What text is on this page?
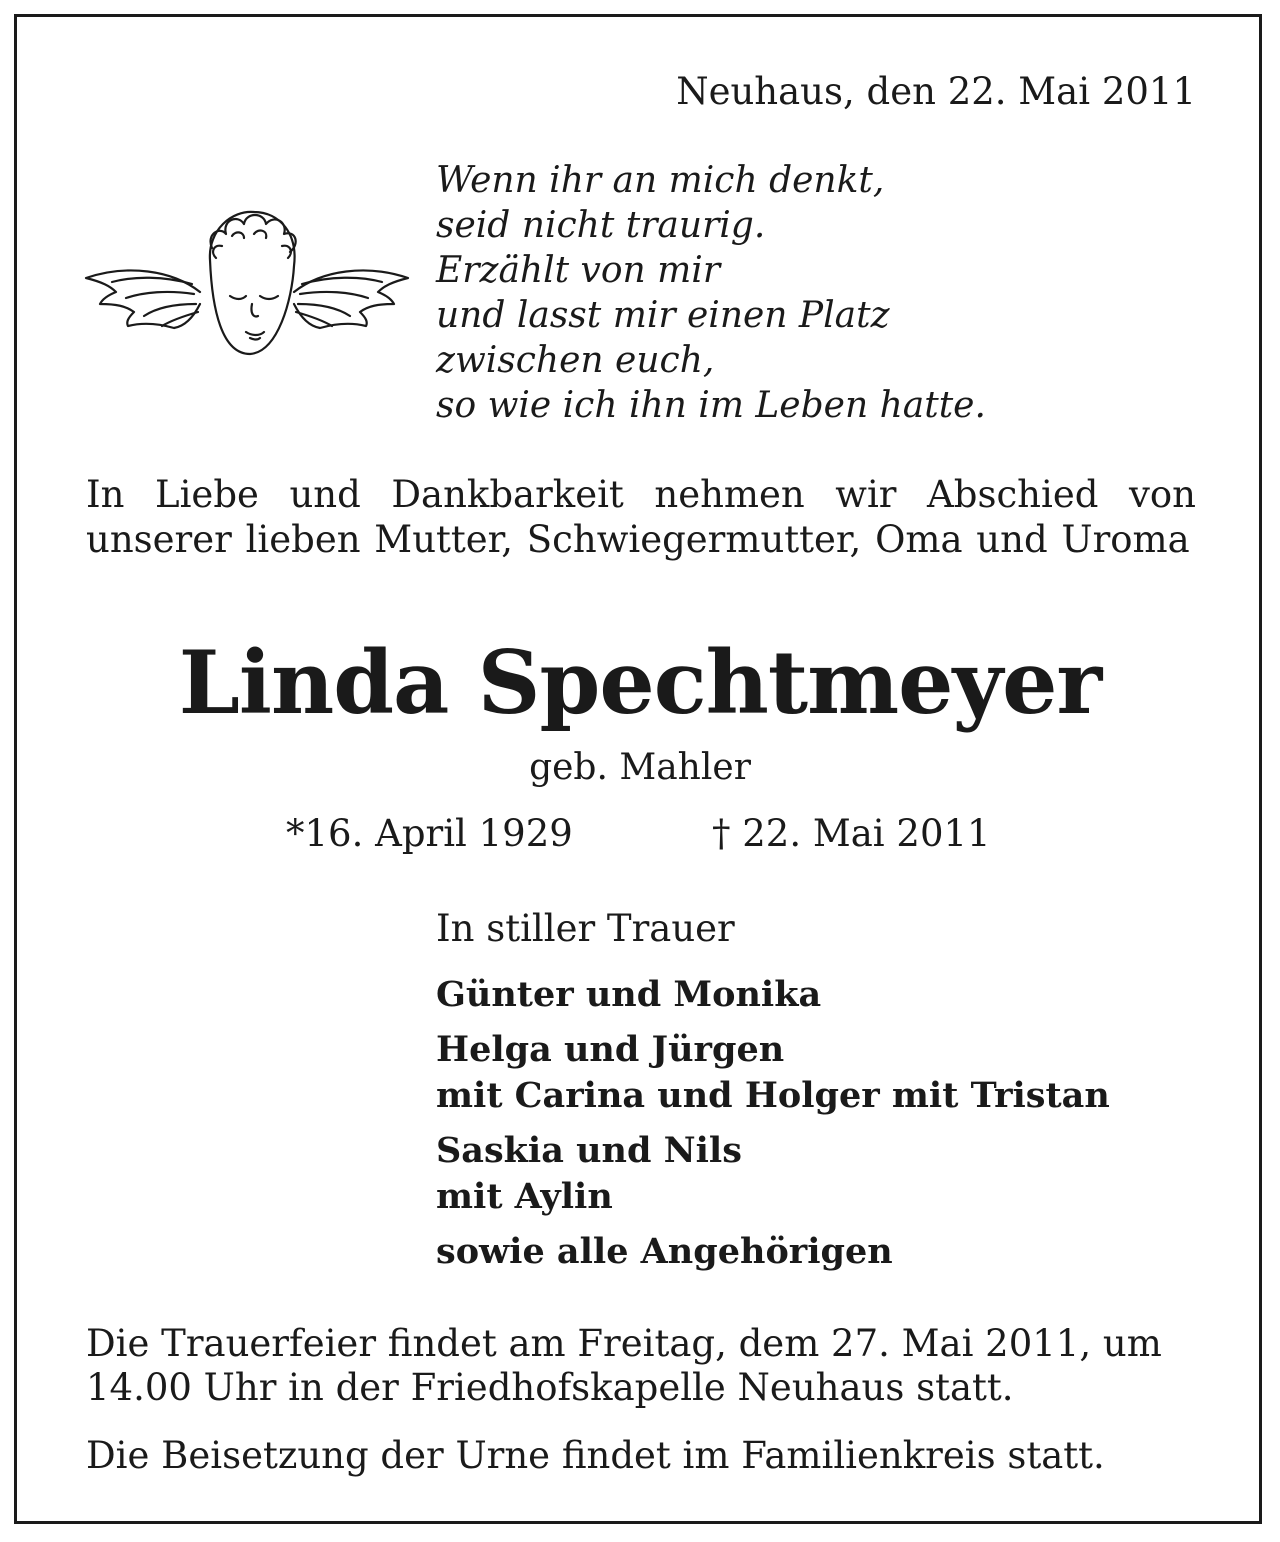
Neuhaus, den 22. Mai 2011
Wenn ihr an mich denkt,
seid nicht traurig.
Erzählt von mir
und lasst mir einen Platz
zwischen euch,
so wie ich ihn im Leben hatte.
In Liebe und Dankbarkeit nehmen wir Abschied von unserer lieben Mutter, Schwiegermutter, Oma und Uroma
Linda Spechtmeyer
geb. Mahler
*16. April 1929	† 22. Mai 2011
In stiller Trauer
Günter und Monika
Helga und Jürgen
mit Carina und Holger mit Tristan
Saskia und Nils
mit Aylin
sowie alle Angehörigen
Die Trauerfeier findet am Freitag, dem 27. Mai 2011, um 14.00 Uhr in der Friedhofskapelle Neuhaus statt.
Die Beisetzung der Urne findet im Familienkreis statt.
